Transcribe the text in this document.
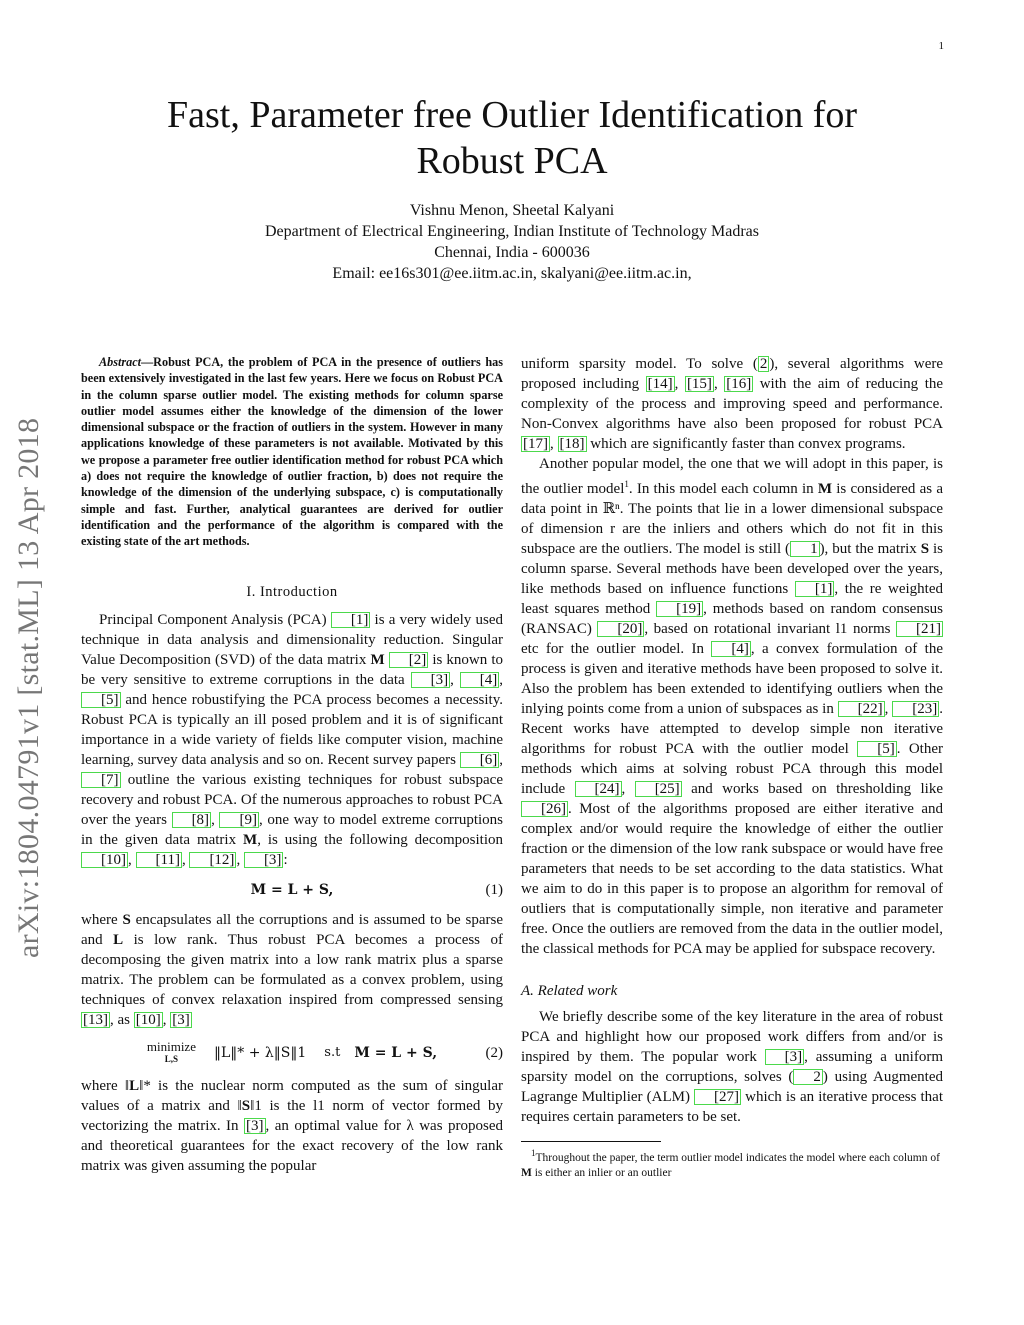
1
arXiv:1804.04791v1 [stat.ML] 13 Apr 2018
Fast, Parameter free Outlier Identification for
Robust PCA
Vishnu Menon, Sheetal Kalyani
Department of Electrical Engineering, Indian Institute of Technology Madras
Chennai, India - 600036
Email: ee16s301@ee.iitm.ac.in, skalyani@ee.iitm.ac.in,

Abstract—Robust PCA, the problem of PCA in the presence of outliers has been extensively investigated in the last few years. Here we focus on Robust PCA in the column sparse outlier model. The existing methods for column sparse outlier model assumes either the knowledge of the dimension of the lower dimensional subspace or the fraction of outliers in the system. However in many applications knowledge of these parameters is not available. Motivated by this we propose a parameter free outlier identification method for robust PCA which a) does not require the knowledge of outlier fraction, b) does not require the knowledge of the dimension of the underlying subspace, c) is computationally simple and fast. Further, analytical guarantees are derived for outlier identification and the performance of the algorithm is compared with the existing state of the art methods.

I. Introduction

Principal Component Analysis (PCA) [1] is a very widely used technique in data analysis and dimensionality reduction. Singular Value Decomposition (SVD) of the data matrix M [2] is known to be very sensitive to extreme corruptions in the data [3] , [4] , [5] and hence robustifying the PCA process becomes a necessity. Robust PCA is typically an ill posed problem and it is of significant importance in a wide variety of fields like computer vision, machine learning, survey data analysis and so on. Recent survey papers [6] , [7] outline the various existing techniques for robust subspace recovery and robust PCA. Of the numerous approaches to robust PCA over the years [8] , [9] , one way to model extreme corruptions in the given data matrix M, is using the following decomposition [10] , [11] , [12] , [3] :

M = L + S,	(1)

where S encapsulates all the corruptions and is assumed to be sparse and L is low rank. Thus robust PCA becomes a process of decomposing the given matrix into a low rank matrix plus a sparse matrix. The problem can be formulated as a convex problem, using techniques of convex relaxation inspired from compressed sensing [13] , as [10] , [3]

minimize
L,S	‖L‖* + λ‖S‖1 s.t M = L + S,	(2)

where ‖L‖* is the nuclear norm computed as the sum of singular values of a matrix and ‖S‖1 is the l1 norm of vector formed by vectorizing the matrix. In [3] , an optimal value for λ was proposed and theoretical guarantees for the exact recovery of the low rank matrix was given assuming the popular

uniform sparsity model. To solve ( 2 ), several algorithms were proposed including [14] , [15] , [16] with the aim of reducing the complexity of the process and improving speed and performance. Non-Convex algorithms have also been proposed for robust PCA [17] , [18] which are significantly faster than convex programs.

Another popular model, the one that we will adopt in this paper, is the outlier model$^1$. In this model each column in M is considered as a data point in ℝⁿ. The points that lie in a lower dimensional subspace of dimension r are the inliers and others which do not fit in this subspace are the outliers. The model is still ( 1 ), but the matrix S is column sparse. Several methods have been developed over the years, like methods based on influence functions [1] , the re weighted least squares method [19] , methods based on random consensus (RANSAC) [20] , based on rotational invariant l1 norms [21] etc for the outlier model. In [4] , a convex formulation of the process is given and iterative methods have been proposed to solve it. Also the problem has been extended to identifying outliers when the inlying points come from a union of subspaces as in [22] , [23] . Recent works have attempted to develop simple non iterative algorithms for robust PCA with the outlier model [5] . Other methods which aims at solving robust PCA through this model include [24] , [25] and works based on thresholding like [26] . Most of the algorithms proposed are either iterative and complex and/or would require the knowledge of either the outlier fraction or the dimension of the low rank subspace or would have free parameters that needs to be set according to the data statistics. What we aim to do in this paper is to propose an algorithm for removal of outliers that is computationally simple, non iterative and parameter free. Once the outliers are removed from the data in the outlier model, the classical methods for PCA may be applied for subspace recovery.

A. Related work

We briefly describe some of the key literature in the area of robust PCA and highlight how our proposed work differs from and/or is inspired by them. The popular work [3] , assuming a uniform sparsity model on the corruptions, solves ( 2 ) using Augmented Lagrange Multiplier (ALM) [27] which is an iterative process that requires certain parameters to be set.

$^1$Throughout the paper, the term outlier model indicates the model where each column of M is either an inlier or an outlier
